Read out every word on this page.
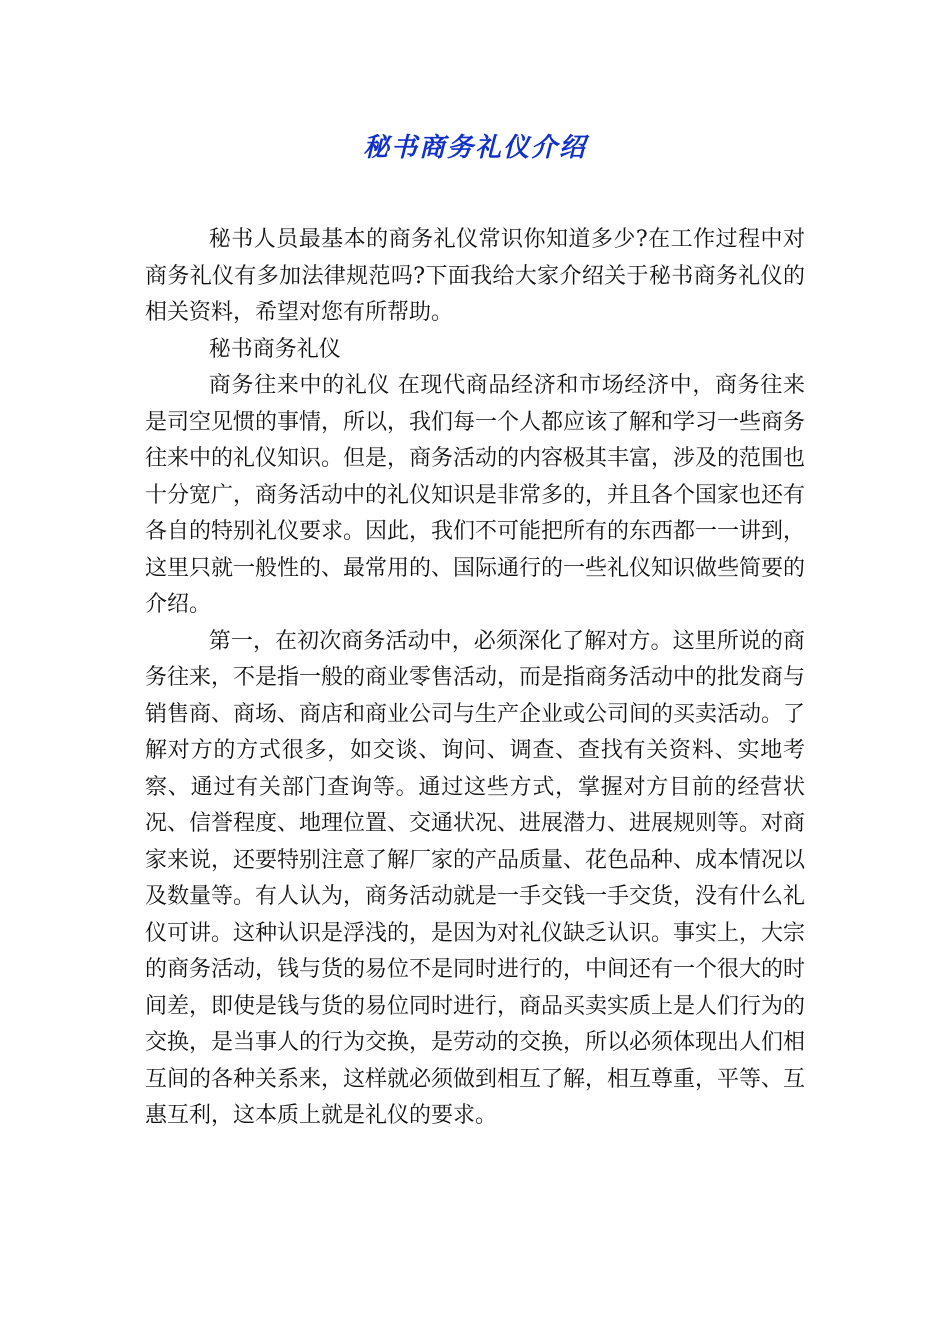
秘书商务礼仪介绍

秘书人员最基本的商务礼仪常识你知道多少?在工作过程中对商务礼仪有多加法律规范吗?下面我给大家介绍关于秘书商务礼仪的相关资料，希望对您有所帮助。

秘书商务礼仪

商务往来中的礼仪 在现代商品经济和市场经济中，商务往来是司空见惯的事情，所以，我们每一个人都应该了解和学习一些商务往来中的礼仪知识。但是，商务活动的内容极其丰富，涉及的范围也十分宽广，商务活动中的礼仪知识是非常多的，并且各个国家也还有各自的特别礼仪要求。因此，我们不可能把所有的东西都一一讲到，这里只就一般性的、最常用的、国际通行的一些礼仪知识做些简要的介绍。

第一，在初次商务活动中，必须深化了解对方。这里所说的商务往来，不是指一般的商业零售活动，而是指商务活动中的批发商与销售商、商场、商店和商业公司与生产企业或公司间的买卖活动。了解对方的方式很多，如交谈、询问、调查、查找有关资料、实地考察、通过有关部门查询等。通过这些方式，掌握对方目前的经营状况、信誉程度、地理位置、交通状况、进展潜力、进展规则等。对商家来说，还要特别注意了解厂家的产品质量、花色品种、成本情况以及数量等。有人认为，商务活动就是一手交钱一手交货，没有什么礼仪可讲。这种认识是浮浅的，是因为对礼仪缺乏认识。事实上，大宗的商务活动，钱与货的易位不是同时进行的，中间还有一个很大的时间差，即使是钱与货的易位同时进行，商品买卖实质上是人们行为的交换，是当事人的行为交换，是劳动的交换，所以必须体现出人们相互间的各种关系来，这样就必须做到相互了解，相互尊重，平等、互惠互利，这本质上就是礼仪的要求。
